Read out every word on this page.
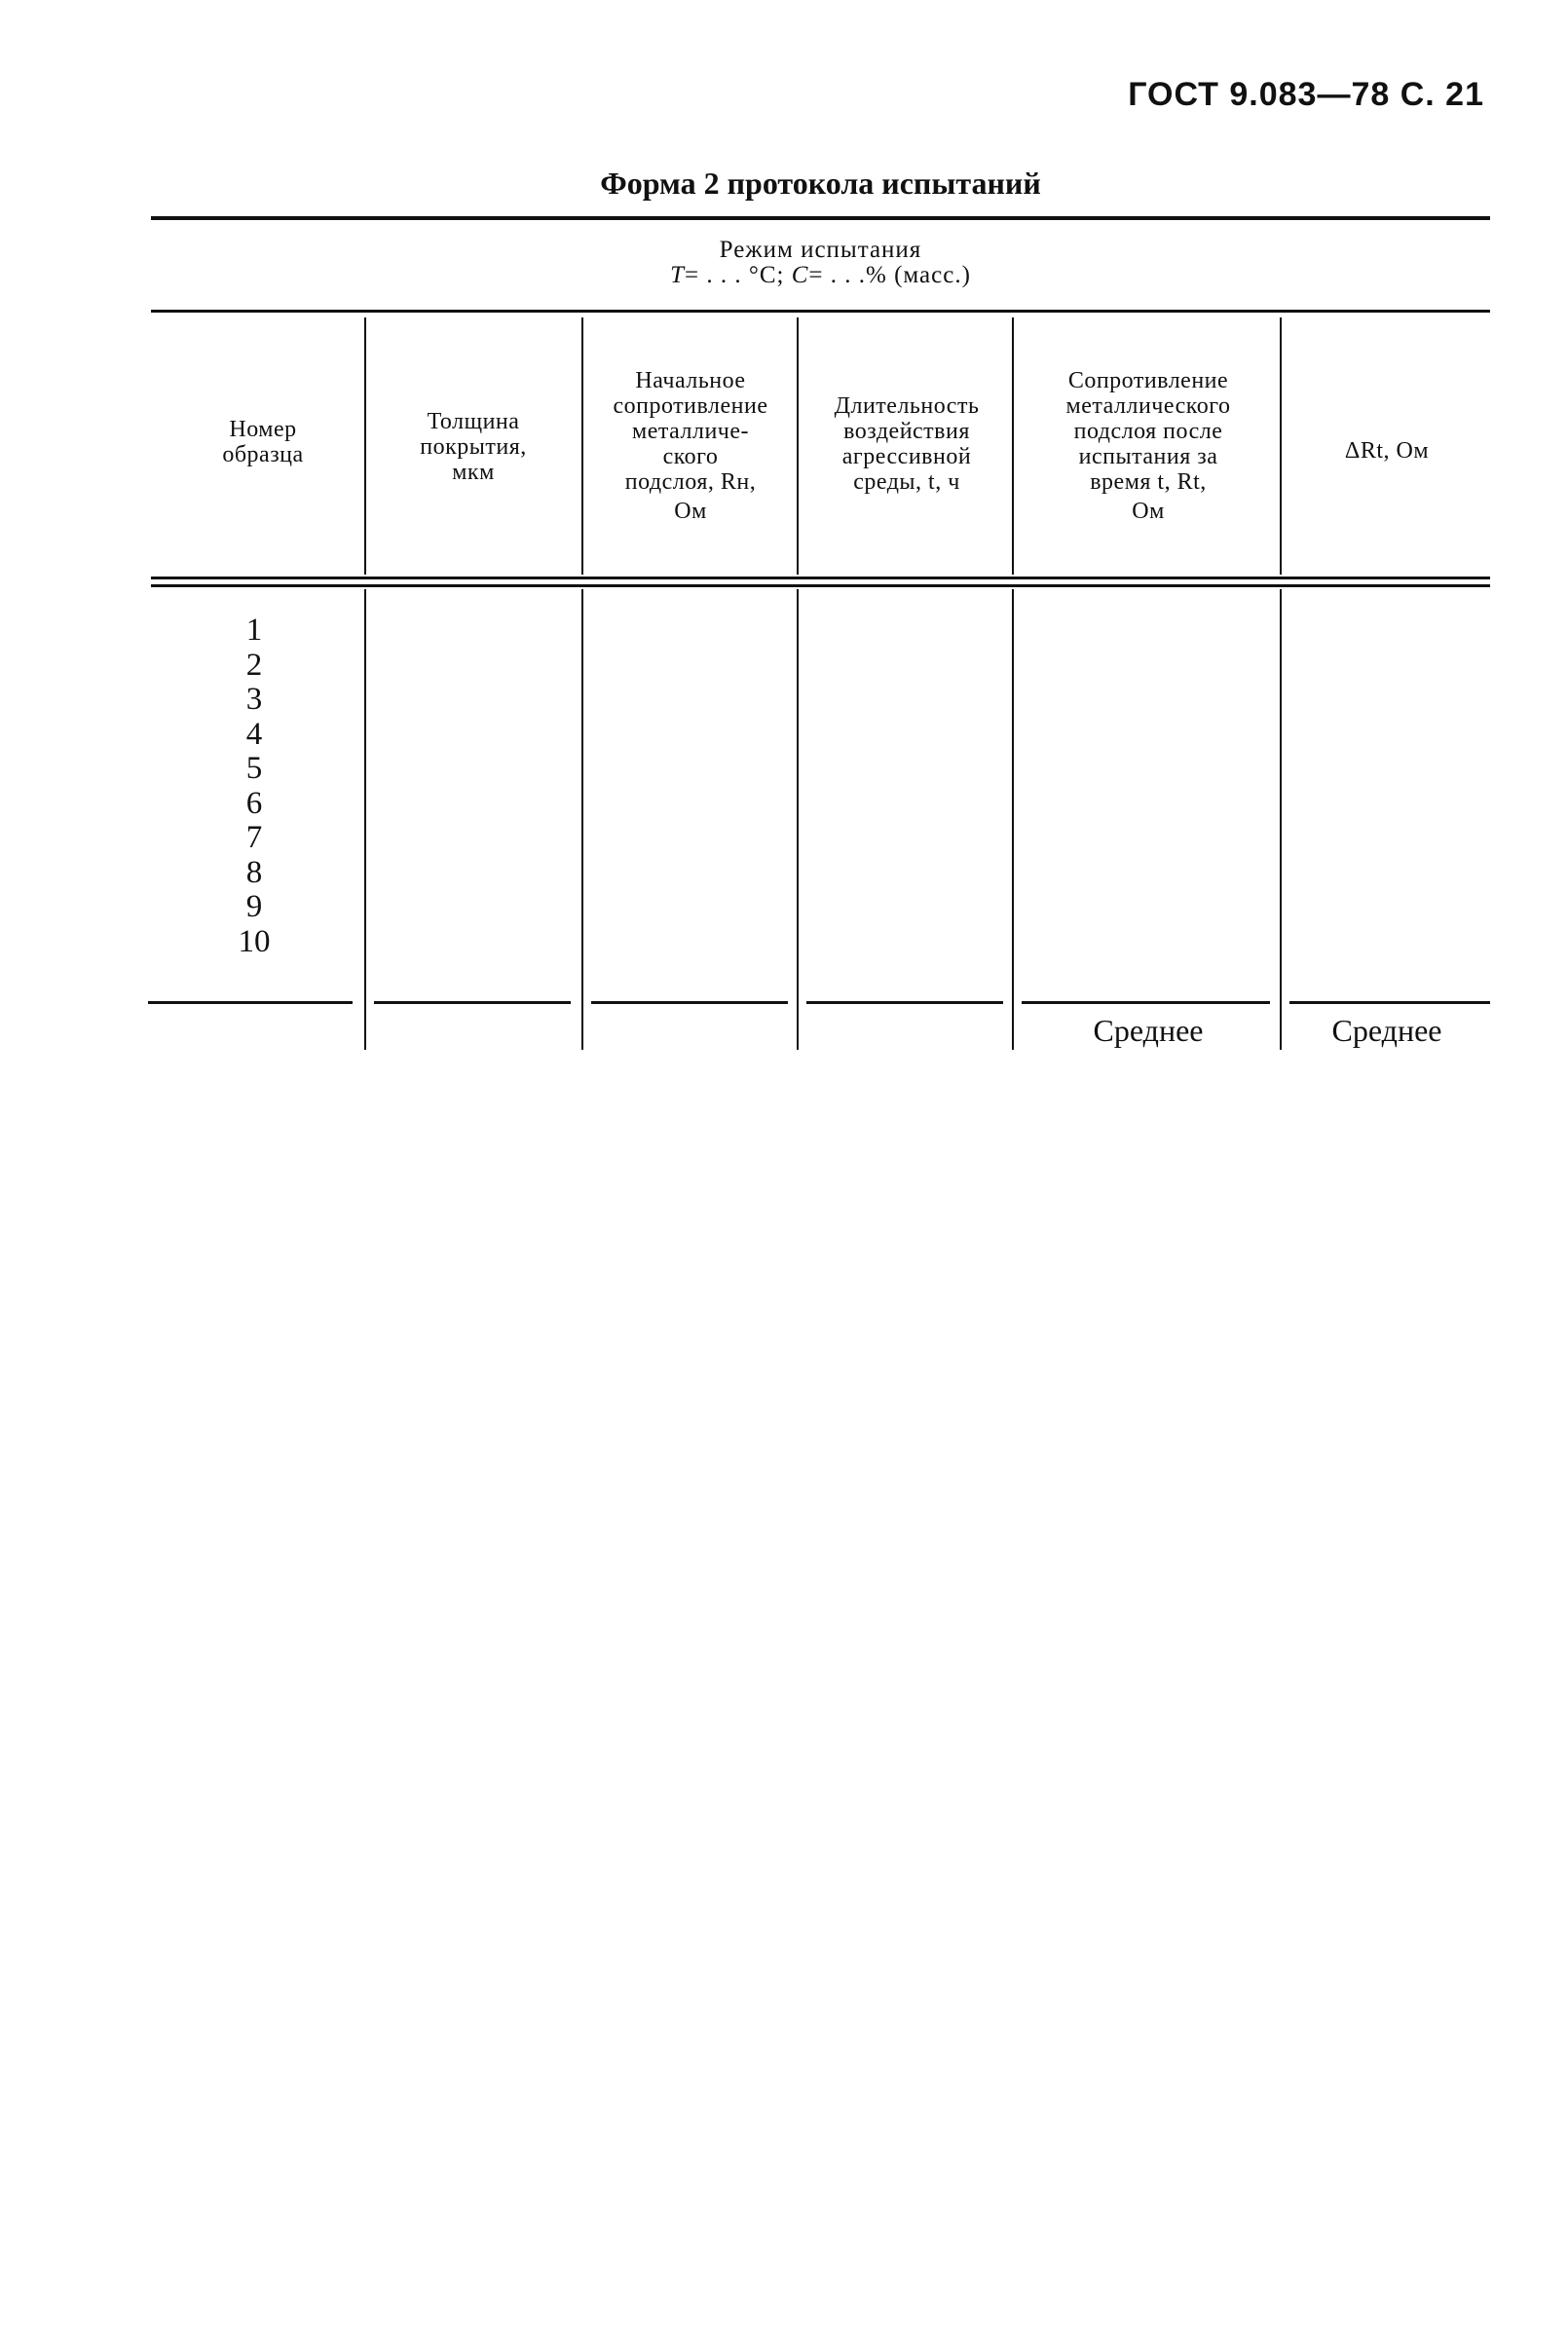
ГОСТ 9.083—78 С. 21
Форма 2 протокола испытаний
Режим испытания
T= . . . °С; C= . . .% (масс.)
Номер
образца
Толщина
покрытия,
мкм
Начальное
сопротивление
металличе-
ского
подслоя, Rн,
Ом
Длительность
воздействия
агрессивной
среды, t, ч
Сопротивление
металлического
подслоя после
испытания за
время t, Rt,
Ом
ΔRt, Ом
1
2
3
4
5
6
7
8
9
10
Среднее	Среднее
